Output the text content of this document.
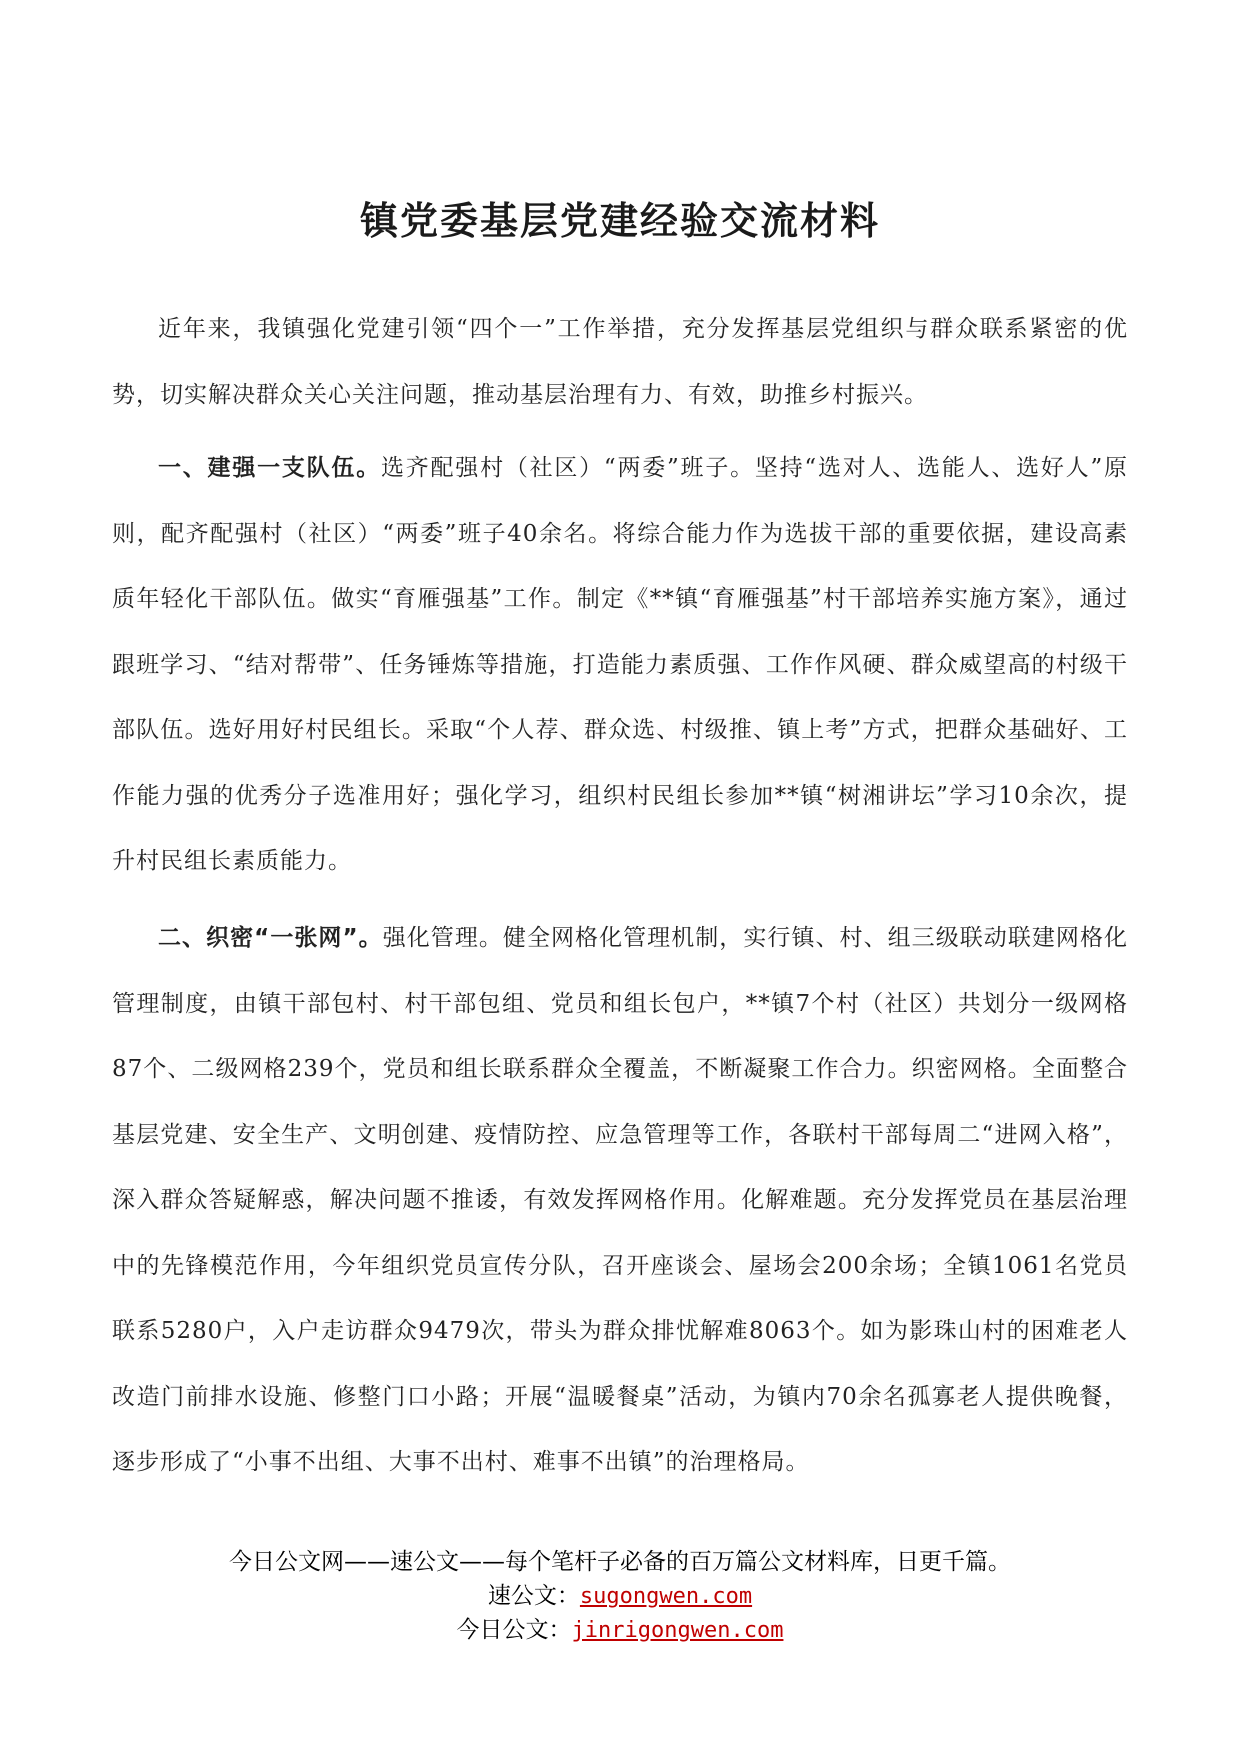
镇党委基层党建经验交流材料

近年来，我镇强化党建引领“四个一”工作举措，充分发挥基层党组织与群众联系紧密的优势，切实解决群众关心关注问题，推动基层治理有力、有效，助推乡村振兴。

一、建强一支队伍。选齐配强村（社区）“两委”班子。坚持“选对人、选能人、选好人”原则，配齐配强村（社区）“两委”班子40余名。将综合能力作为选拔干部的重要依据，建设高素质年轻化干部队伍。做实“育雁强基”工作。制定《**镇“育雁强基”村干部培养实施方案》，通过跟班学习、“结对帮带”、任务锤炼等措施，打造能力素质强、工作作风硬、群众威望高的村级干部队伍。选好用好村民组长。采取“个人荐、群众选、村级推、镇上考”方式，把群众基础好、工作能力强的优秀分子选准用好；强化学习，组织村民组长参加**镇“树湘讲坛”学习10余次，提升村民组长素质能力。

二、织密“一张网”。强化管理。健全网格化管理机制，实行镇、村、组三级联动联建网格化管理制度，由镇干部包村、村干部包组、党员和组长包户，**镇7个村（社区）共划分一级网格87个、二级网格239个，党员和组长联系群众全覆盖，不断凝聚工作合力。织密网格。全面整合基层党建、安全生产、文明创建、疫情防控、应急管理等工作，各联村干部每周二“进网入格”，深入群众答疑解惑，解决问题不推诿，有效发挥网格作用。化解难题。充分发挥党员在基层治理中的先锋模范作用，今年组织党员宣传分队，召开座谈会、屋场会200余场；全镇1061名党员联系5280户，入户走访群众9479次，带头为群众排忧解难8063个。如为影珠山村的困难老人改造门前排水设施、修整门口小路；开展“温暖餐桌”活动，为镇内70余名孤寡老人提供晚餐，逐步形成了“小事不出组、大事不出村、难事不出镇”的治理格局。

今日公文网——速公文——每个笔杆子必备的百万篇公文材料库，日更千篇。

速公文：sugongwen.com

今日公文：jinrigongwen.com
